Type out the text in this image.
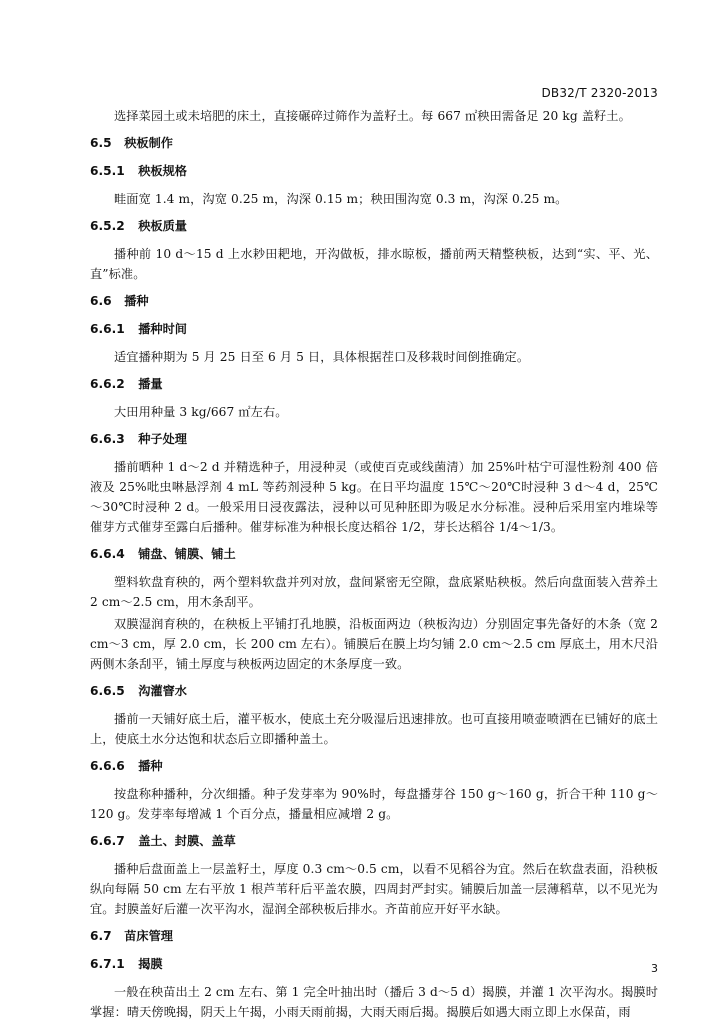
DB32/T 2320-2013

选择菜园土或未培肥的床土，直接碾碎过筛作为盖籽土。每 667 ㎡秧田需备足 20 kg 盖籽土。

6.5 秧板制作
6.5.1 秧板规格

畦面宽 1.4 m，沟宽 0.25 m，沟深 0.15 m；秧田围沟宽 0.3 m，沟深 0.25 m。

6.5.2 秧板质量

播种前 10 d～15 d 上水耖田耙地，开沟做板，排水晾板，播前两天精整秧板，达到“实、平、光、直”标准。

6.6 播种
6.6.1 播种时间

适宜播种期为 5 月 25 日至 6 月 5 日，具体根据茬口及移栽时间倒推确定。

6.6.2 播量

大田用种量 3 kg/667 ㎡左右。

6.6.3 种子处理

播前晒种 1 d～2 d 并精选种子，用浸种灵（或使百克或线菌清）加 25%叶枯宁可湿性粉剂 400 倍液及 25%吡虫啉悬浮剂 4 mL 等药剂浸种 5 kg。在日平均温度 15℃～20℃时浸种 3 d～4 d，25℃～30℃时浸种 2 d。一般采用日浸夜露法，浸种以可见种胚即为吸足水分标准。浸种后采用室内堆垛等催芽方式催芽至露白后播种。催芽标准为种根长度达稻谷 1/2，芽长达稻谷 1/4～1/3。

6.6.4 铺盘、铺膜、铺土

塑料软盘育秧的，两个塑料软盘并列对放，盘间紧密无空隙，盘底紧贴秧板。然后向盘面装入营养土 2 cm～2.5 cm，用木条刮平。

双膜湿润育秧的，在秧板上平铺打孔地膜，沿板面两边（秧板沟边）分别固定事先备好的木条（宽 2 cm～3 cm，厚 2.0 cm，长 200 cm 左右）。铺膜后在膜上均匀铺 2.0 cm～2.5 cm 厚底土，用木尺沿两侧木条刮平，铺土厚度与秧板两边固定的木条厚度一致。

6.6.5 沟灌窨水

播前一天铺好底土后，灌平板水，使底土充分吸湿后迅速排放。也可直接用喷壶喷洒在已铺好的底土上，使底土水分达饱和状态后立即播种盖土。

6.6.6 播种

按盘称种播种，分次细播。种子发芽率为 90%时，每盘播芽谷 150 g～160 g，折合干种 110 g～120 g。发芽率每增减 1 个百分点，播量相应减增 2 g。

6.6.7 盖土、封膜、盖草

播种后盘面盖上一层盖籽土，厚度 0.3 cm～0.5 cm，以看不见稻谷为宜。然后在软盘表面，沿秧板纵向每隔 50 cm 左右平放 1 根芦苇秆后平盖农膜，四周封严封实。铺膜后加盖一层薄稻草，以不见光为宜。封膜盖好后灌一次平沟水，湿润全部秧板后排水。齐苗前应开好平水缺。

6.7 苗床管理
6.7.1 揭膜

一般在秧苗出土 2 cm 左右、第 1 完全叶抽出时（播后 3 d～5 d）揭膜，并灌 1 次平沟水。揭膜时掌握：晴天傍晚揭，阴天上午揭，小雨天雨前揭，大雨天雨后揭。揭膜后如遇大雨立即上水保苗，雨

3
